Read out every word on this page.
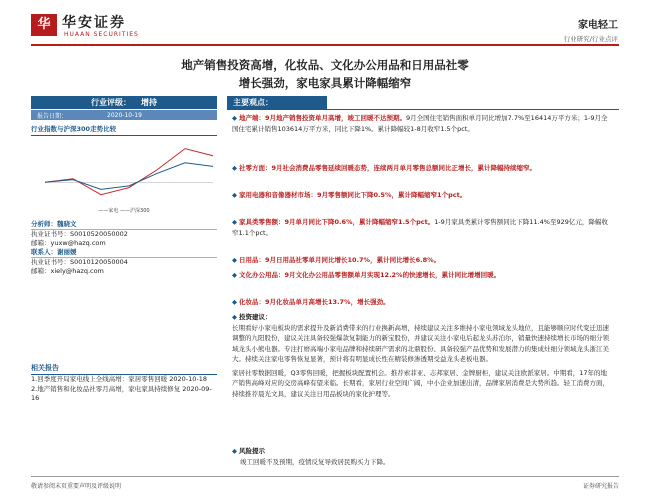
华 华安证券
HUAAN SECURITIES
家电轻工
行业研究/行业点评
地产销售投资高增，化妆品、文化办公用品和日用品社零
增长强劲，家电家具累计降幅缩窄
行业评级： 增持
报告日期：	2020-10-19
行业指数与沪深300走势比较
——家电 ——沪深300
分析师：魏晓文
执业证书号：S0010520050002
邮箱：yuxw@hazq.com
联系人：谢丽媛
执业证书号：S0010120050004
邮箱：xiely@hazq.com
相关报告
1.回季度开局家电线上全线高增：家居零售回暖 2020-10-18
2.地产销售和化妆品社零月高增，家电家具持续修复 2020-09-16
主要观点：
◆ 地产端：9月地产销售投资单月高增，竣工回暖不达预期。9月全国住宅销售面积单月同比增加7.7%至16414万平方米；1-9月全国住宅累计销售103614万平方米，同比下降1%。累计降幅较1-8月收窄1.5个pct。
◆ 社零方面：9月社会消费品零售延续回暖态势，连续两月单月零售总额同比正增长，累计降幅持续缩窄。
◆ 家用电器和音像器材市场：9月零售额同比下降0.5%，累计降幅缩窄1个pct。
◆ 家具类零售额：9月单月同比下降0.6%，累计降幅缩窄1.5个pct。1-9月家具类累计零售额同比下降11.4%至929亿元，降幅收窄1.1个pct。
◆ 日用品：9月日用品社零单月同比增长10.7%，累计同比增长6.8%。
◆ 文化办公用品：9月文化办公用品零售额单月实现12.2%的快速增长，累计同比增增回暖。
◆ 化妆品：9月化妆品单月高增长13.7%，增长强劲。
◆ 投资建议：
长期看好小家电板块的需求提升及新消费带来的行业换新高增，持续建议关注多维持小家电领域龙头地位，且能够顺应时代变迁迅速调整的九阳股份，建议关注具备较强爆款复制能力的新宝股份，并建议关注小家电后起龙头苏泊尔，销量快速持续增长市场的细分领域龙头小熊电器。专注打磨高端小家电品牌和持续研产需求的北鼎股份、具备较强产品优势和发展潜力的集成灶细分领域龙头浙江美大。持续关注家电零售恢复显著，预计将有明显成长性在精装修渗透期受益龙头老板电器。
家居社零数据回暖，Q3零售回暖，把握板块配置机会。推荐索菲亚、志邦家居、金牌厨柜，建议关注欧派家居。中期看，17年的地产销售高峰对应的交房高峰有望来临。长期看，家居行业空间广阔，中小企业加速出清，品牌家居消费是大势所趋。轻工消费方面，持续推荐晨光文具，建议关注日用品板块的家化护理等。
◆ 风险提示
竣工回暖不及预期，疫情反复导致居民购买力下降。
敬请参阅末页重要声明及评级说明	证券研究报告
